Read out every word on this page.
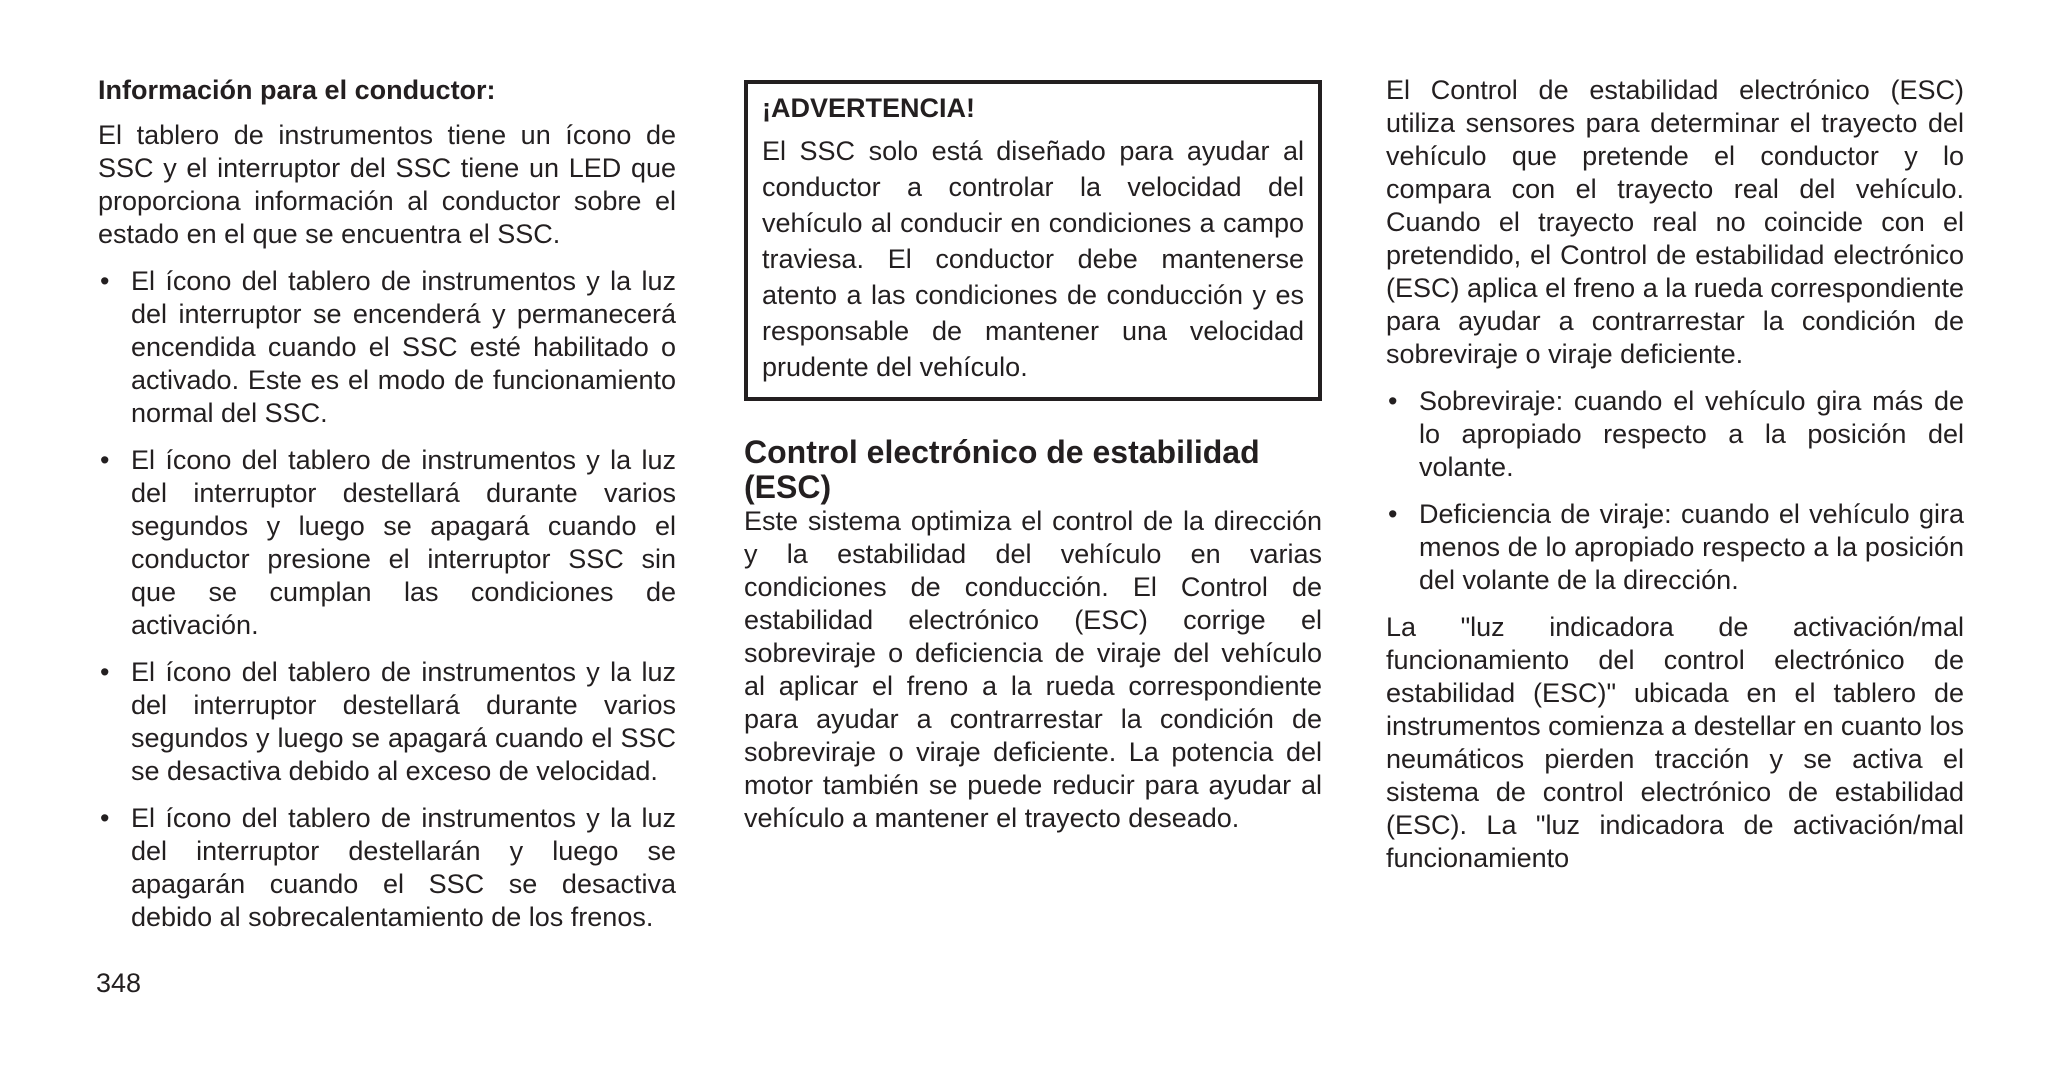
Información para el conductor:

El tablero de instrumentos tiene un ícono de SSC y el interruptor del SSC tiene un LED que proporciona información al conductor sobre el estado en el que se encuentra el SSC.

• El ícono del tablero de instrumentos y la luz del interruptor se encenderá y permanecerá encendida cuando el SSC esté habilitado o activado. Este es el modo de funcionamiento normal del SSC.
• El ícono del tablero de instrumentos y la luz del interruptor destellará durante varios segundos y luego se apagará cuando el conductor presione el interruptor SSC sin que se cumplan las condiciones de activación.
• El ícono del tablero de instrumentos y la luz del interruptor destellará durante varios segundos y luego se apagará cuando el SSC se desactiva debido al exceso de velocidad.
• El ícono del tablero de instrumentos y la luz del interruptor destellarán y luego se apagarán cuando el SSC se desactiva debido al sobrecalentamiento de los frenos.

¡ADVERTENCIA!

El SSC solo está diseñado para ayudar al conductor a controlar la velocidad del vehículo al conducir en condiciones a campo traviesa. El conductor debe mantenerse atento a las condiciones de conducción y es responsable de mantener una velocidad prudente del vehículo.

Control electrónico de estabilidad (ESC)

Este sistema optimiza el control de la dirección y la estabilidad del vehículo en varias condiciones de conducción. El Control de estabilidad electrónico (ESC) corrige el sobreviraje o deficiencia de viraje del vehículo al aplicar el freno a la rueda correspondiente para ayudar a contrarrestar la condición de sobreviraje o viraje deficiente. La potencia del motor también se puede reducir para ayudar al vehículo a mantener el trayecto deseado.

El Control de estabilidad electrónico (ESC) utiliza sensores para determinar el trayecto del vehículo que pretende el conductor y lo compara con el trayecto real del vehículo. Cuando el trayecto real no coincide con el pretendido, el Control de estabilidad electrónico (ESC) aplica el freno a la rueda correspondiente para ayudar a contrarrestar la condición de sobreviraje o viraje deficiente.

• Sobreviraje: cuando el vehículo gira más de lo apropiado respecto a la posición del volante.
• Deficiencia de viraje: cuando el vehículo gira menos de lo apropiado respecto a la posición del volante de la dirección.

La "luz indicadora de activación/mal funcionamiento del control electrónico de estabilidad (ESC)" ubicada en el tablero de instrumentos comienza a destellar en cuanto los neumáticos pierden tracción y se activa el sistema de control electrónico de estabilidad (ESC). La "luz indicadora de activación/mal funcionamiento

348
